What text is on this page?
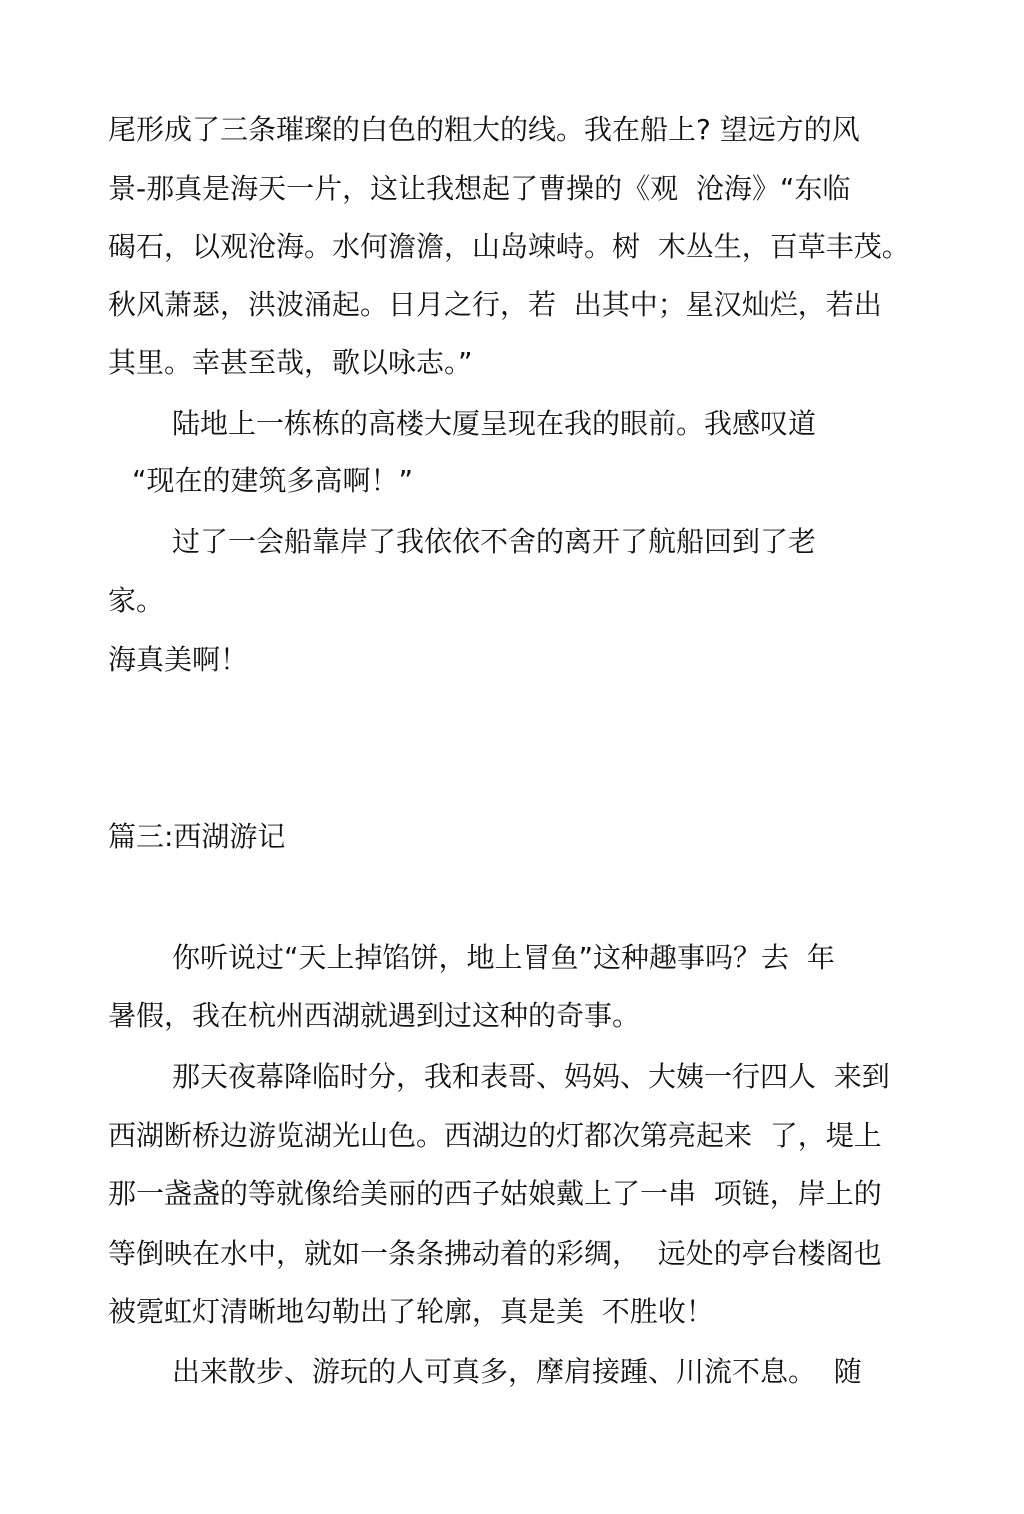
尾形成了三条璀璨的白色的粗大的线。我在船上? 望远方的风
景-那真是海天一片，这让我想起了曹操的《观  沧海》“东临
碣石，以观沧海。水何澹澹，山岛竦峙。树  木丛生，百草丰茂。
秋风萧瑟，洪波涌起。日月之行，若  出其中；星汉灿烂，若出
其里。幸甚至哉，歌以咏志。”
陆地上一栋栋的高楼大厦呈现在我的眼前。我感叹道
“现在的建筑多高啊！”
过了一会船靠岸了我依依不舍的离开了航船回到了老
家。
海真美啊！
篇三:西湖游记
你听说过“天上掉馅饼，地上冒鱼”这种趣事吗？去  年
暑假，我在杭州西湖就遇到过这种的奇事。
那天夜幕降临时分，我和表哥、妈妈、大姨一行四人  来到
西湖断桥边游览湖光山色。西湖边的灯都次第亮起来  了，堤上
那一盏盏的等就像给美丽的西子姑娘戴上了一串  项链，岸上的
等倒映在水中，就如一条条拂动着的彩绸，  远处的亭台楼阁也
被霓虹灯清晰地勾勒出了轮廓，真是美  不胜收！
出来散步、游玩的人可真多，摩肩接踵、川流不息。  随
